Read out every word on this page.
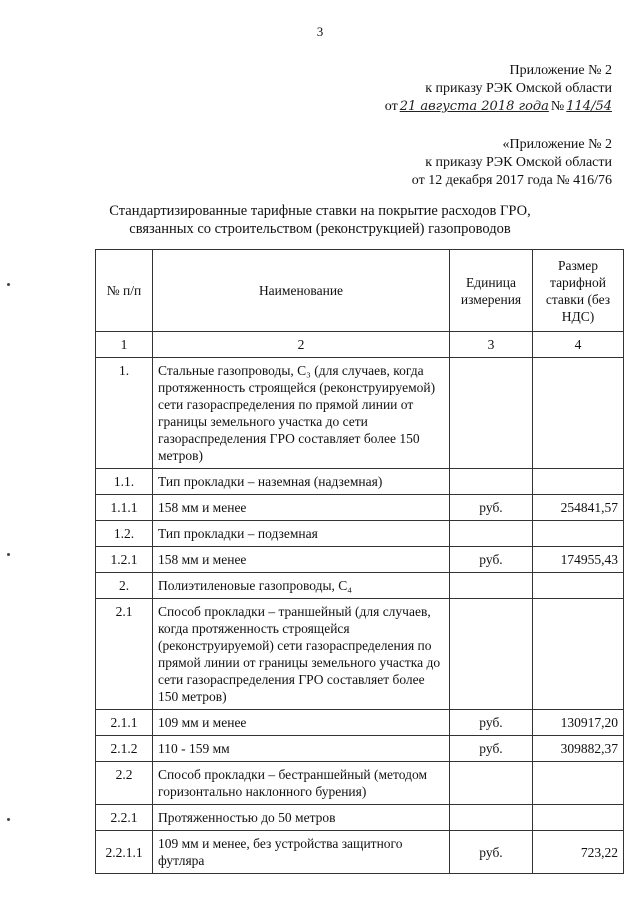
3
Приложение № 2
к приказу РЭК Омской области
от 21 августа 2018 года № 114/54
«Приложение № 2
к приказу РЭК Омской области
от 12 декабря 2017 года № 416/76
Стандартизированные тарифные ставки на покрытие расходов ГРО,
связанных со строительством (реконструкцией) газопроводов
№ п/п	Наименование	Единица измерения	Размер тарифной ставки (без НДС)
1	2	3	4
1.	Стальные газопроводы, С₃ (для случаев, когда протяженность строящейся (реконструируемой) сети газораспределения по прямой линии от границы земельного участка до сети газораспределения ГРО составляет более 150 метров)		
1.1.	Тип прокладки – наземная (надземная)		
1.1.1	158 мм и менее	руб.	254841,57
1.2.	Тип прокладки – подземная		
1.2.1	158 мм и менее	руб.	174955,43
2.	Полиэтиленовые газопроводы, С₄		
2.1	Способ прокладки – траншейный (для случаев, когда протяженность строящейся (реконструируемой) сети газораспределения по прямой линии от границы земельного участка до сети газораспределения ГРО составляет более 150 метров)		
2.1.1	109 мм и менее	руб.	130917,20
2.1.2	110 - 159 мм	руб.	309882,37
2.2	Способ прокладки – бестраншейный (методом горизонтально наклонного бурения)		
2.2.1	Протяженностью до 50 метров		
2.2.1.1	109 мм и менее, без устройства защитного футляра	руб.	723,22
